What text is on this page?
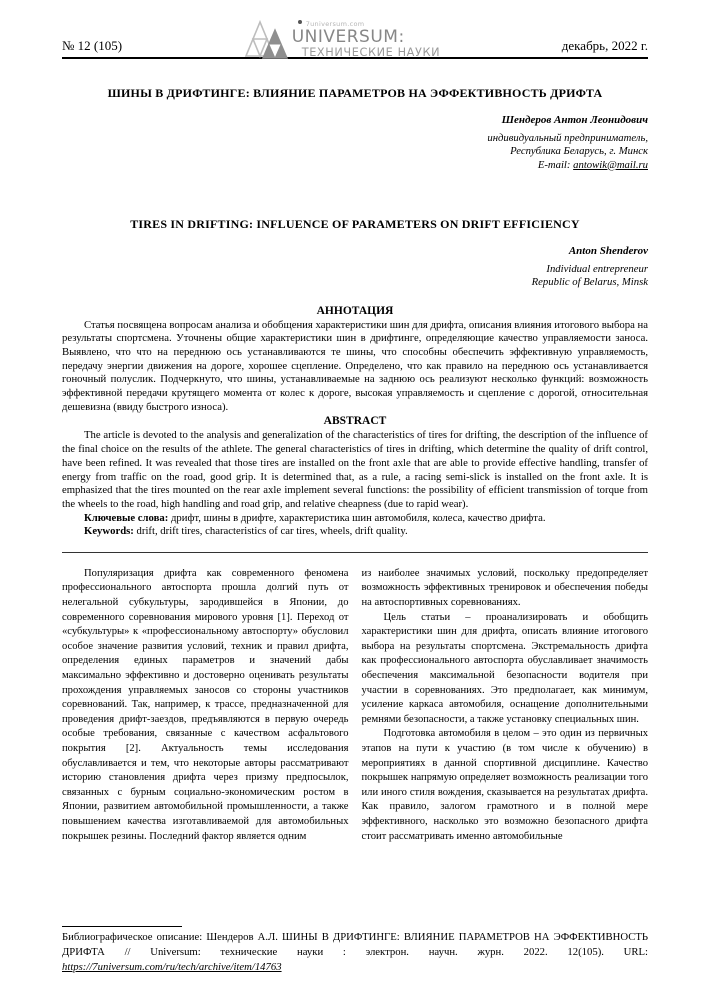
№ 12 (105)
7universum.com
UNIVERSUM:
ТЕХНИЧЕСКИЕ НАУКИ	декабрь, 2022 г.
ШИНЫ В ДРИФТИНГЕ: ВЛИЯНИЕ ПАРАМЕТРОВ НА ЭФФЕКТИВНОСТЬ ДРИФТА
Шендеров Антон Леонидович
индивидуальный предприниматель,
Республика Беларусь, г. Минск
E-mail: antowik@mail.ru
TIRES IN DRIFTING: INFLUENCE OF PARAMETERS ON DRIFT EFFICIENCY
Anton Shenderov
Individual entrepreneur
Republic of Belarus, Minsk
АННОТАЦИЯ

Статья посвящена вопросам анализа и обобщения характеристики шин для дрифта, описания влияния итогового выбора на результаты спортсмена. Уточнены общие характеристики шин в дрифтинге, определяющие качество управляемости заноса. Выявлено, что что на переднюю ось устанавливаются те шины, что способны обеспечить эффективную управляемость, передачу энергии движения на дороге, хорошее сцепление. Определено, что как правило на переднюю ось устанавливается гоночный полуслик. Подчеркнуто, что шины, устанавливаемые на заднюю ось реализуют несколько функций: возможность эффективной передачи крутящего момента от колес к дороге, высокая управляемость и сцепление с дорогой, относительная дешевизна (ввиду быстрого износа).

ABSTRACT

The article is devoted to the analysis and generalization of the characteristics of tires for drifting, the description of the influence of the final choice on the results of the athlete. The general characteristics of tires in drifting, which determine the quality of drift control, have been refined. It was revealed that those tires are installed on the front axle that are able to provide effective handling, transfer of energy from traffic on the road, good grip. It is determined that, as a rule, a racing semi-slick is installed on the front axle. It is emphasized that the tires mounted on the rear axle implement several functions: the possibility of efficient transmission of torque from the wheels to the road, high handling and road grip, and relative cheapness (due to rapid wear).

Ключевые слова: дрифт, шины в дрифте, характеристика шин автомобиля, колеса, качество дрифта.

Keywords: drift, drift tires, characteristics of car tires, wheels, drift quality.

Популяризация дрифта как современного феномена профессионального автоспорта прошла долгий путь от нелегальной субкультуры, зародившейся в Японии, до современного соревнования мирового уровня [1]. Переход от «субкультуры» к «профессиональному автоспорту» обусловил особое значение развития условий, техник и правил дрифта, определения единых параметров и значений дабы максимально эффективно и достоверно оценивать результаты прохождения управляемых заносов со стороны участников соревнований. Так, например, к трассе, предназначенной для проведения дрифт-заездов, предъявляются в первую очередь особые требования, связанные с качеством асфальтового покрытия [2]. Актуальность темы исследования обуславливается и тем, что некоторые авторы рассматривают историю становления дрифта через призму предпосылок, связанных с бурным социально-экономическим ростом в Японии, развитием автомобильной промышленности, а также повышением качества изготавливаемой для автомобильных покрышек резины. Последний фактор является одним

из наиболее значимых условий, поскольку предопределяет возможность эффективных тренировок и обеспечения победы на автоспортивных соревнованиях.

Цель статьи – проанализировать и обобщить характеристики шин для дрифта, описать влияние итогового выбора на результаты спортсмена. Экстремальность дрифта как профессионального автоспорта обуславливает значимость обеспечения максимальной безопасности водителя при участии в соревнованиях. Это предполагает, как минимум, усиление каркаса автомобиля, оснащение дополнительными ремнями безопасности, а также установку специальных шин.

Подготовка автомобиля в целом – это один из первичных этапов на пути к участию (в том числе к обучению) в мероприятиях в данной спортивной дисциплине. Качество покрышек напрямую определяет возможность реализации того или иного стиля вождения, сказывается на результатах дрифта. Как правило, залогом грамотного и в полной мере эффективного, насколько это возможно безопасного дрифта стоит рассматривать именно автомобильные

Библиографическое описание: Шендеров А.Л. ШИНЫ В ДРИФТИНГЕ: ВЛИЯНИЕ ПАРАМЕТРОВ НА ЭФФЕКТИВНОСТЬ ДРИФТА // Universum: технические науки : электрон. научн. журн. 2022. 12(105). URL: https://7universum.com/ru/tech/archive/item/14763
